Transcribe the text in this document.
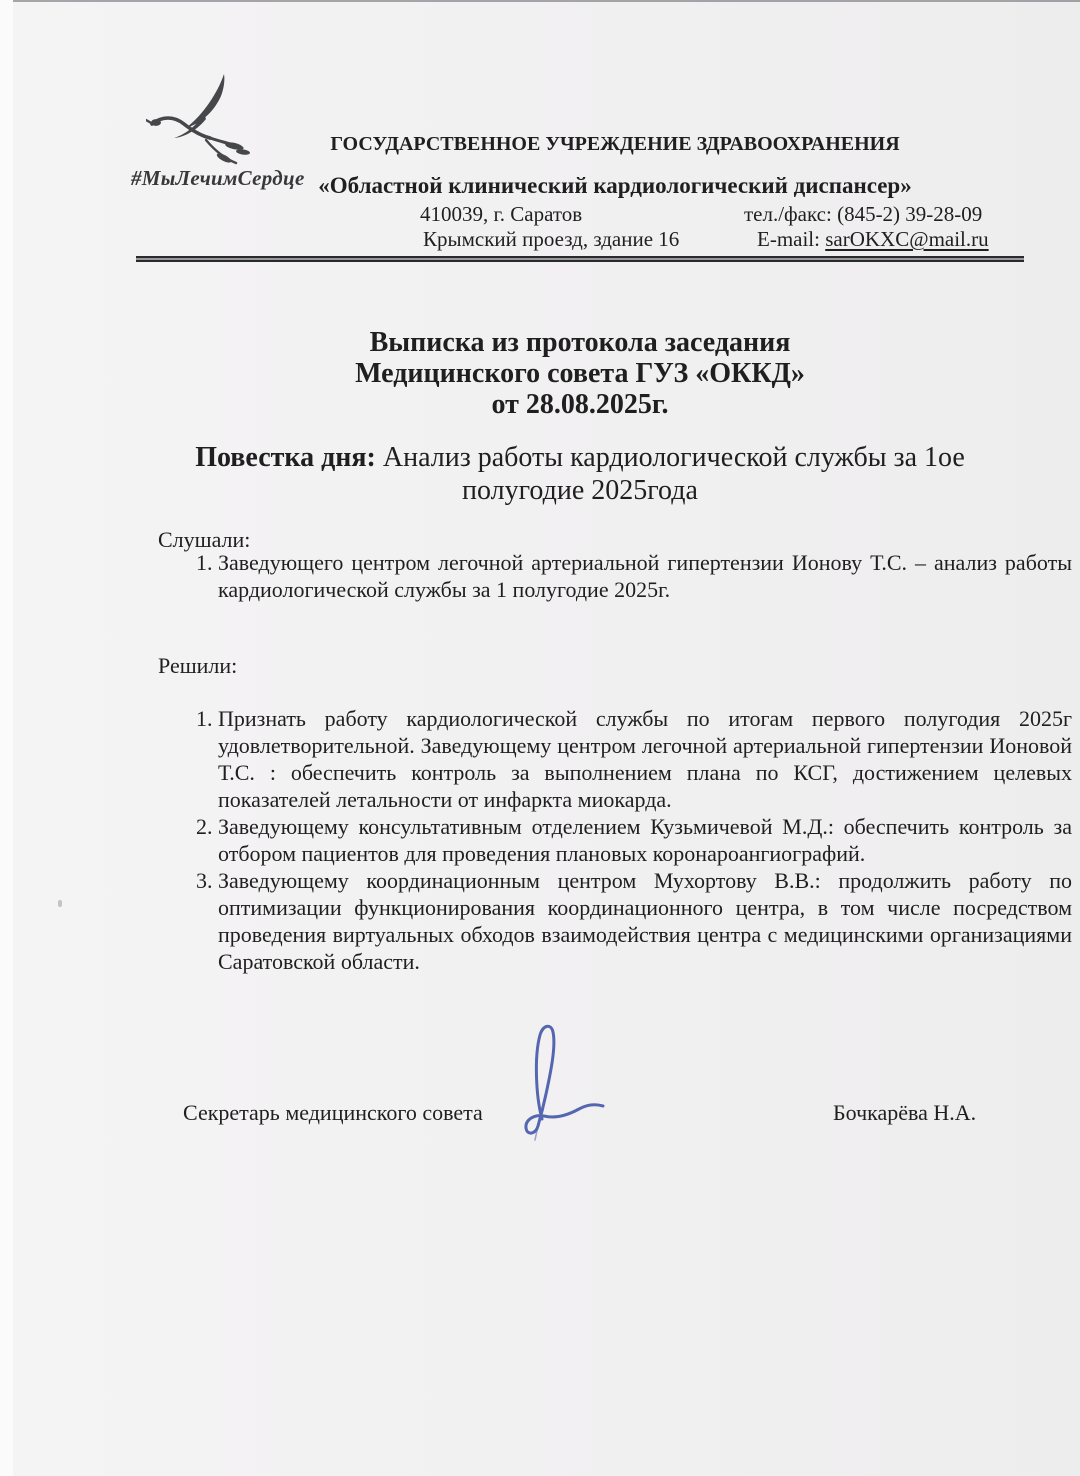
#МыЛечимСердце
ГОСУДАРСТВЕННОЕ УЧРЕЖДЕНИЕ ЗДРАВООХРАНЕНИЯ
«Областной клинический кардиологический диспансер»
410039, г. Саратов
Крымский проезд, здание 16
тел./факс: (845-2) 39-28-09
E-mail: sarOKXC@mail.ru
Выписка из протокола заседания
Медицинского совета ГУЗ «ОККД»
от 28.08.2025г.
Повестка дня: Анализ работы кардиологической службы за 1ое полугодие 2025года
Слушали:
1. Заведующего центром легочной артериальной гипертензии Ионову Т.С. – анализ работы кардиологической службы за 1 полугодие 2025г.
Решили:
1. Признать работу кардиологической службы по итогам первого полугодия 2025г удовлетворительной. Заведующему центром легочной артериальной гипертензии Ионовой Т.С. : обеспечить контроль за выполнением плана по КСГ, достижением целевых показателей летальности от инфаркта миокарда.
2. Заведующему консультативным отделением Кузьмичевой М.Д.: обеспечить контроль за отбором пациентов для проведения плановых коронароангиографий.
3. Заведующему координационным центром Мухортову В.В.: продолжить работу по оптимизации функционирования координационного центра, в том числе посредством проведения виртуальных обходов взаимодействия центра с медицинскими организациями Саратовской области.
Секретарь медицинского совета	Бочкарёва Н.А.
